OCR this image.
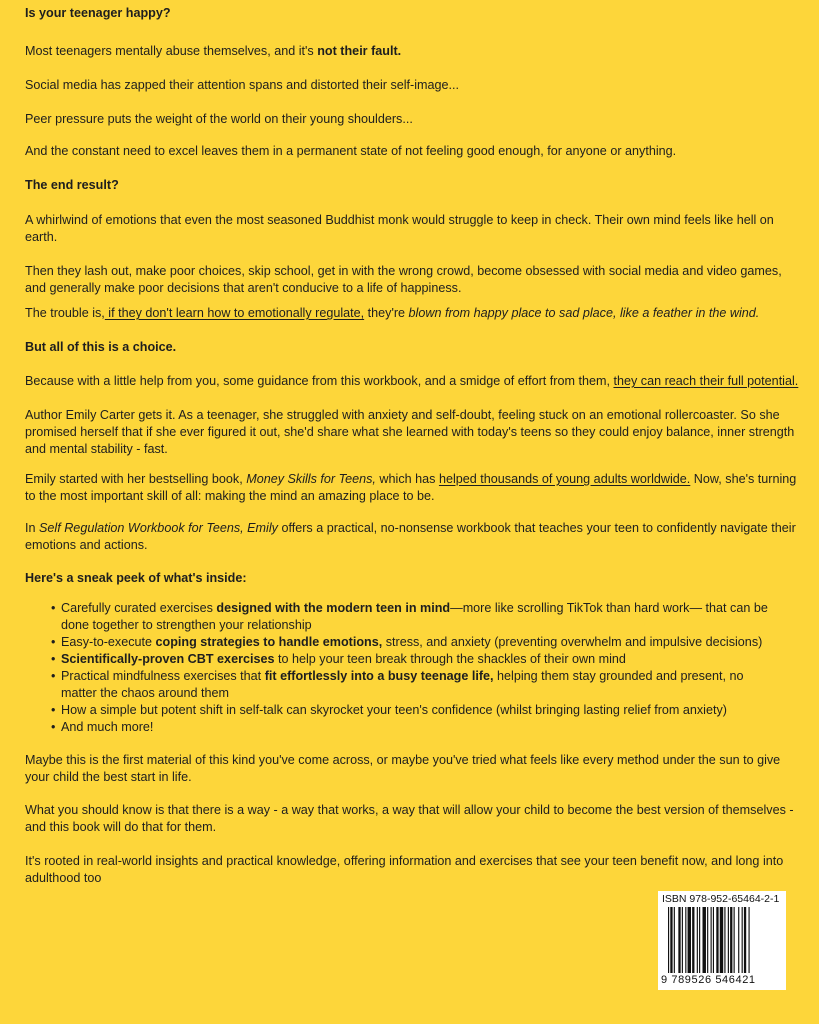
Is your teenager happy?

Most teenagers mentally abuse themselves, and it's not their fault.

Social media has zapped their attention spans and distorted their self-image...

Peer pressure puts the weight of the world on their young shoulders...

And the constant need to excel leaves them in a permanent state of not feeling good enough, for anyone or anything.

The end result?

A whirlwind of emotions that even the most seasoned Buddhist monk would struggle to keep in check. Their own mind feels like hell on earth.

Then they lash out, make poor choices, skip school, get in with the wrong crowd, become obsessed with social media and video games, and generally make poor decisions that aren't conducive to a life of happiness.

The trouble is, if they don't learn how to emotionally regulate, they're blown from happy place to sad place, like a feather in the wind.

But all of this is a choice.

Because with a little help from you, some guidance from this workbook, and a smidge of effort from them, they can reach their full potential.

Author Emily Carter gets it. As a teenager, she struggled with anxiety and self-doubt, feeling stuck on an emotional rollercoaster. So she promised herself that if she ever figured it out, she'd share what she learned with today's teens so they could enjoy balance, inner strength and mental stability - fast.

Emily started with her bestselling book, Money Skills for Teens, which has helped thousands of young adults worldwide. Now, she's turning to the most important skill of all: making the mind an amazing place to be.

In Self Regulation Workbook for Teens, Emily offers a practical, no-nonsense workbook that teaches your teen to confidently navigate their emotions and actions.

Here's a sneak peek of what's inside:

• Carefully curated exercises designed with the modern teen in mind—more like scrolling TikTok than hard work— that can be done together to strengthen your relationship
• Easy-to-execute coping strategies to handle emotions, stress, and anxiety (preventing overwhelm and impulsive decisions)
• Scientifically-proven CBT exercises to help your teen break through the shackles of their own mind
• Practical mindfulness exercises that fit effortlessly into a busy teenage life, helping them stay grounded and present, no matter the chaos around them
• How a simple but potent shift in self-talk can skyrocket your teen's confidence (whilst bringing lasting relief from anxiety)
• And much more!

Maybe this is the first material of this kind you've come across, or maybe you've tried what feels like every method under the sun to give your child the best start in life.

What you should know is that there is a way - a way that works, a way that will allow your child to become the best version of themselves - and this book will do that for them.

It's rooted in real-world insights and practical knowledge, offering information and exercises that see your teen benefit now, and long into adulthood too

ISBN 978-952-65464-2-1
9 789526 546421
